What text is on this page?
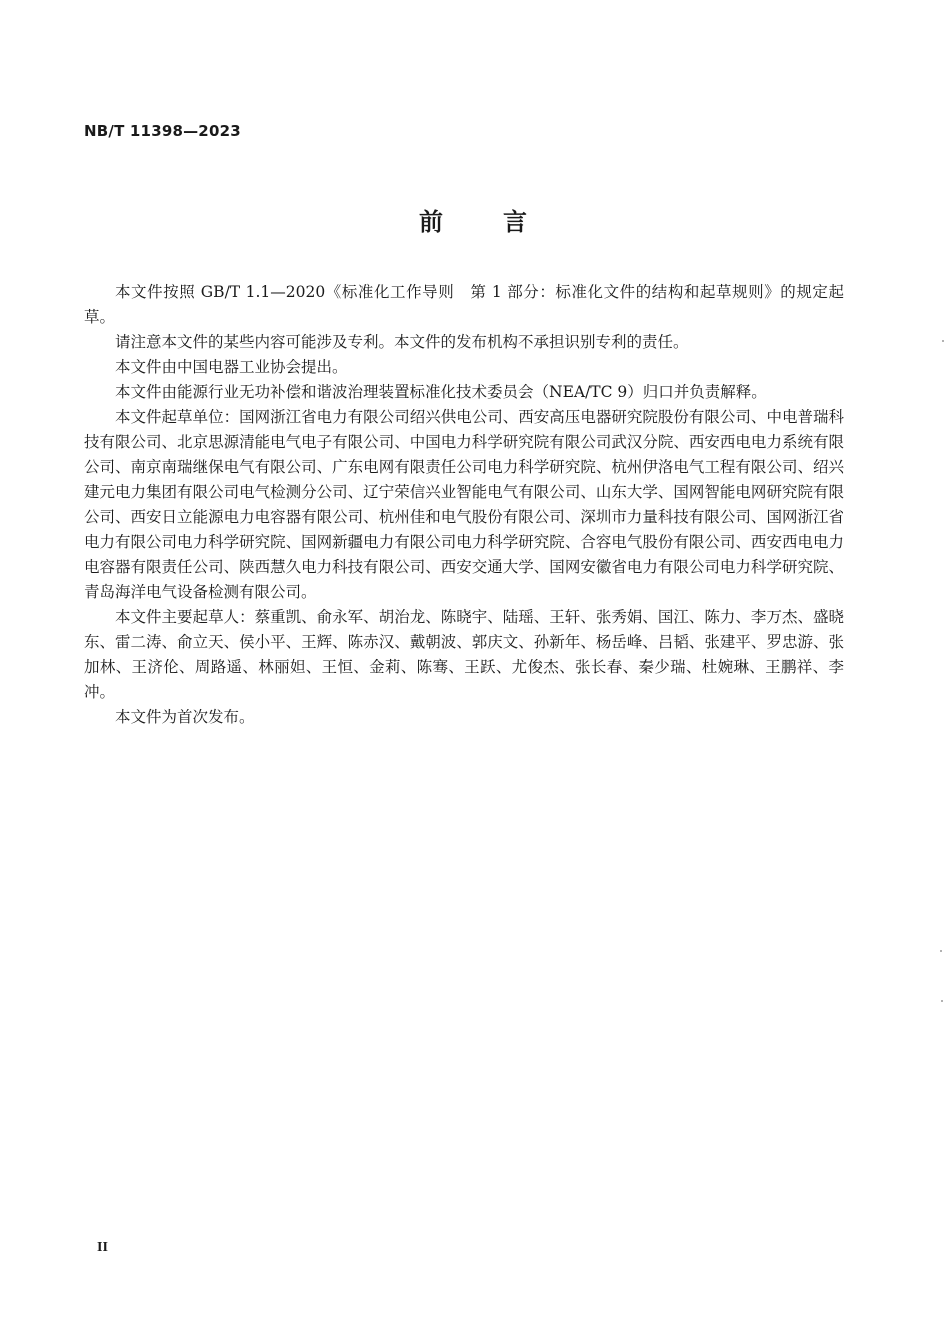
NB/T 11398—2023
前 言

本文件按照 GB/T 1.1—2020《标准化工作导则　第 1 部分：标准化文件的结构和起草规则》的规定起草。

请注意本文件的某些内容可能涉及专利。本文件的发布机构不承担识别专利的责任。

本文件由中国电器工业协会提出。

本文件由能源行业无功补偿和谐波治理装置标准化技术委员会（NEA/TC 9）归口并负责解释。

本文件起草单位：国网浙江省电力有限公司绍兴供电公司、西安高压电器研究院股份有限公司、中电普瑞科技有限公司、北京思源清能电气电子有限公司、中国电力科学研究院有限公司武汉分院、西安西电电力系统有限公司、南京南瑞继保电气有限公司、广东电网有限责任公司电力科学研究院、杭州伊洛电气工程有限公司、绍兴建元电力集团有限公司电气检测分公司、辽宁荣信兴业智能电气有限公司、山东大学、国网智能电网研究院有限公司、西安日立能源电力电容器有限公司、杭州佳和电气股份有限公司、深圳市力量科技有限公司、国网浙江省电力有限公司电力科学研究院、国网新疆电力有限公司电力科学研究院、合容电气股份有限公司、西安西电电力电容器有限责任公司、陕西慧久电力科技有限公司、西安交通大学、国网安徽省电力有限公司电力科学研究院、青岛海洋电气设备检测有限公司。

本文件主要起草人：蔡重凯、俞永军、胡治龙、陈晓宇、陆瑶、王轩、张秀娟、国江、陈力、李万杰、盛晓东、雷二涛、俞立天、侯小平、王辉、陈赤汉、戴朝波、郭庆文、孙新年、杨岳峰、吕韬、张建平、罗忠游、张加林、王济伦、周路遥、林丽妲、王恒、金莉、陈骞、王跃、尤俊杰、张长春、秦少瑞、杜婉琳、王鹏祥、李冲。

本文件为首次发布。

II
